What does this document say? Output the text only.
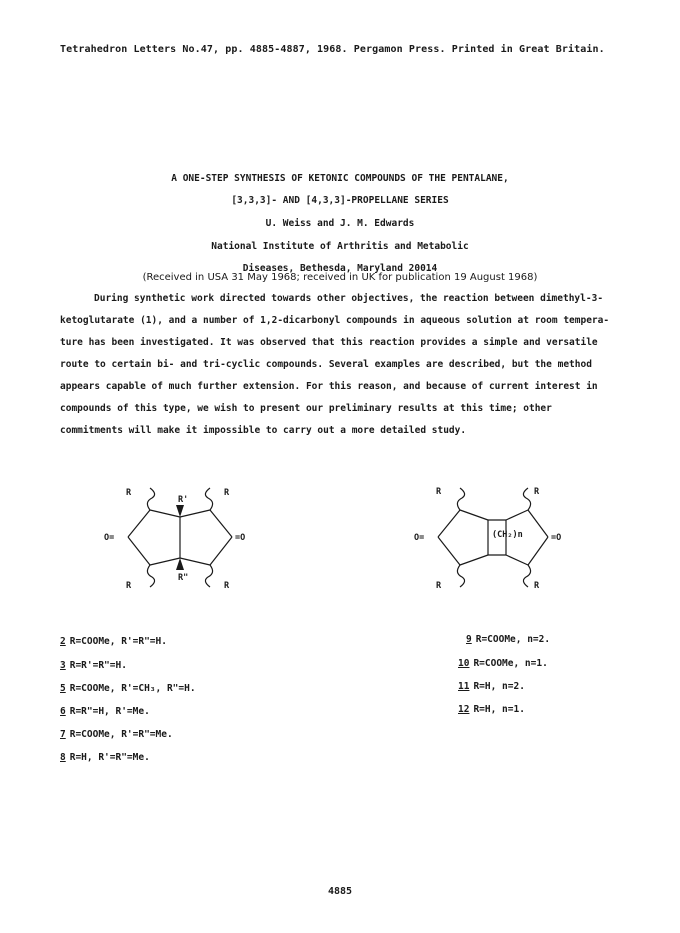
Tetrahedron Letters No.47, pp. 4885-4887, 1968. Pergamon Press. Printed in Great Britain.
A ONE-STEP SYNTHESIS OF KETONIC COMPOUNDS OF THE PENTALANE,
[3,3,3]- AND [4,3,3]-PROPELLANE SERIES
U. Weiss and J. M. Edwards
National Institute of Arthritis and Metabolic
Diseases, Bethesda, Maryland 20014
(Received in USA 31 May 1968; received in UK for publication 19 August 1968)
During synthetic work directed towards other objectives, the reaction between dimethyl-3-
ketoglutarate (1), and a number of 1,2-dicarbonyl compounds in aqueous solution at room tempera-
ture has been investigated. It was observed that this reaction provides a simple and versatile
route to certain bi- and tri-cyclic compounds. Several examples are described, but the method
appears capable of much further extension. For this reason, and because of current interest in
compounds of this type, we wish to present our preliminary results at this time; other
commitments will make it impossible to carry out a more detailed study.
R	R
R	R
R'
R"
O=	=O
R	R
R	R
O=	=O
(CH₂)n
2 R=COOMe, R'=R"=H.
3 R=R'=R"=H.
5 R=COOMe, R'=CH₃, R"=H.
6 R=R"=H, R'=Me.
7 R=COOMe, R'=R"=Me.
8 R=H, R'=R"=Me.
9 R=COOMe, n=2.
10 R=COOMe, n=1.
11 R=H, n=2.
12 R=H, n=1.
4885
